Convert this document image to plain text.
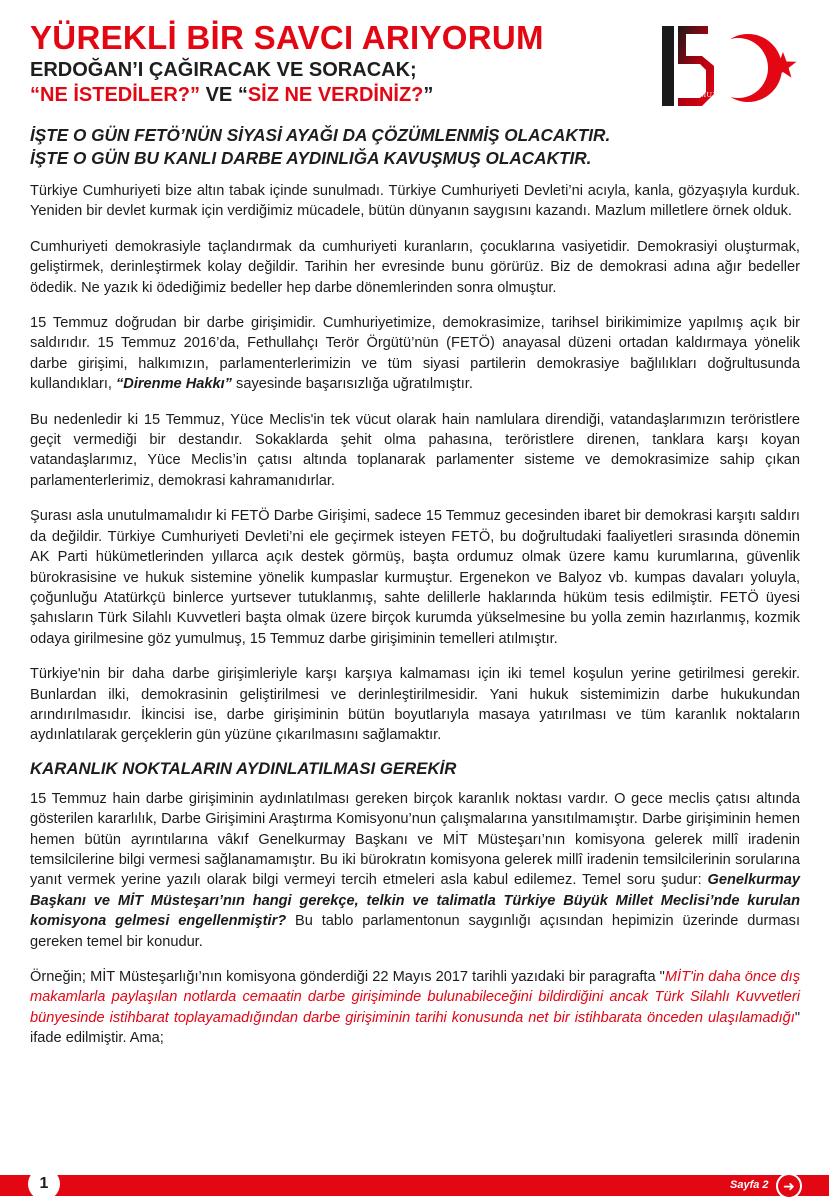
YÜREKLİ BİR SAVCI ARIYORUM
ERDOĞAN’I ÇAĞIRACAK VE SORACAK;
“NE İSTEDİLER?” VE “SİZ NE VERDİNİZ?”	TEMMUZ
İŞTE O GÜN FETÖ’NÜN SİYASİ AYAĞI DA ÇÖZÜMLENMİŞ OLACAKTIR.
İŞTE O GÜN BU KANLI DARBE AYDINLIĞA KAVUŞMUŞ OLACAKTIR.

Türkiye Cumhuriyeti bize altın tabak içinde sunulmadı. Türkiye Cumhuriyeti Devleti’ni acıyla, kanla, gözyaşıyla kurduk. Yeniden bir devlet kurmak için verdiğimiz mücadele, bütün dünyanın saygısını kazandı. Mazlum milletlere örnek olduk.

Cumhuriyeti demokrasiyle taçlandırmak da cumhuriyeti kuranların, çocuklarına vasiyetidir. Demokrasiyi oluşturmak, geliştirmek, derinleştirmek kolay değildir. Tarihin her evresinde bunu görürüz. Biz de demokrasi adına ağır bedeller ödedik. Ne yazık ki ödediğimiz bedeller hep darbe dönemlerinden sonra olmuştur.

15 Temmuz doğrudan bir darbe girişimidir. Cumhuriyetimize, demokrasimize, tarihsel birikimimize yapılmış açık bir saldırıdır. 15 Temmuz 2016’da, Fethullahçı Terör Örgütü’nün (FETÖ) anayasal düzeni ortadan kaldırmaya yönelik darbe girişimi, halkımızın, parlamenterlerimizin ve tüm siyasi partilerin demokrasiye bağlılıkları doğrultusunda kullandıkları, “Direnme Hakkı” sayesinde başarısızlığa uğratılmıştır.

Bu nedenledir ki 15 Temmuz, Yüce Meclis'in tek vücut olarak hain namlulara direndiği, vatandaşlarımızın teröristlere geçit vermediği bir destandır. Sokaklarda şehit olma pahasına, teröristlere direnen, tanklara karşı koyan vatandaşlarımız, Yüce Meclis’in çatısı altında toplanarak parlamenter sisteme ve demokrasimize sahip çıkan parlamenterlerimiz, demokrasi kahramanıdırlar.

Şurası asla unutulmamalıdır ki FETÖ Darbe Girişimi, sadece 15 Temmuz gecesinden ibaret bir demokrasi karşıtı saldırı da değildir. Türkiye Cumhuriyeti Devleti’ni ele geçirmek isteyen FETÖ, bu doğrultudaki faaliyetleri sırasında dönemin AK Parti hükümetlerinden yıllarca açık destek görmüş, başta ordumuz olmak üzere kamu kurumlarına, güvenlik bürokrasisine ve hukuk sistemine yönelik kumpaslar kurmuştur. Ergenekon ve Balyoz vb. kumpas davaları yoluyla, çoğunluğu Atatürkçü binlerce yurtsever tutuklanmış, sahte delillerle haklarında hüküm tesis edilmiştir. FETÖ üyesi şahısların Türk Silahlı Kuvvetleri başta olmak üzere birçok kurumda yükselmesine bu yolla zemin hazırlanmış, kozmik odaya girilmesine göz yumulmuş, 15 Temmuz darbe girişiminin temelleri atılmıştır.

Türkiye'nin bir daha darbe girişimleriyle karşı karşıya kalmaması için iki temel koşulun yerine getirilmesi gerekir. Bunlardan ilki, demokrasinin geliştirilmesi ve derinleştirilmesidir. Yani hukuk sistemimizin darbe hukukundan arındırılmasıdır. İkincisi ise, darbe girişiminin bütün boyutlarıyla masaya yatırılması ve tüm karanlık noktaların aydınlatılarak gerçeklerin gün yüzüne çıkarılmasını sağlamaktır.

KARANLIK NOKTALARIN AYDINLATILMASI GEREKİR

15 Temmuz hain darbe girişiminin aydınlatılması gereken birçok karanlık noktası vardır. O gece meclis çatısı altında gösterilen kararlılık, Darbe Girişimini Araştırma Komisyonu’nun çalışmalarına yansıtılmamıştır. Darbe girişiminin hemen hemen bütün ayrıntılarına vâkıf Genelkurmay Başkanı ve MİT Müsteşarı’nın komisyona gelerek millî iradenin temsilcilerine bilgi vermesi sağlanamamıştır. Bu iki bürokratın komisyona gelerek millî iradenin temsilcilerinin sorularına yanıt vermek yerine yazılı olarak bilgi vermeyi tercih etmeleri asla kabul edilemez. Temel soru şudur: Genelkurmay Başkanı ve MİT Müsteşarı’nın hangi gerekçe, telkin ve talimatla Türkiye Büyük Millet Meclisi’nde kurulan komisyona gelmesi engellenmiştir? Bu tablo parlamentonun saygınlığı açısından hepimizin üzerinde durması gereken temel bir konudur.

Örneğin; MİT Müsteşarlığı’nın komisyona gönderdiği 22 Mayıs 2017 tarihli yazıdaki bir paragrafta "MİT'in daha önce dış makamlarla paylaşılan notlarda cemaatin darbe girişiminde bulunabileceğini bildirdiğini ancak Türk Silahlı Kuvvetleri bünyesinde istihbarat toplayamadığından darbe girişiminin tarihi konusunda net bir istihbarata önceden ulaşılamadığı" ifade edilmiştir. Ama;

1	Sayfa 2	➜
